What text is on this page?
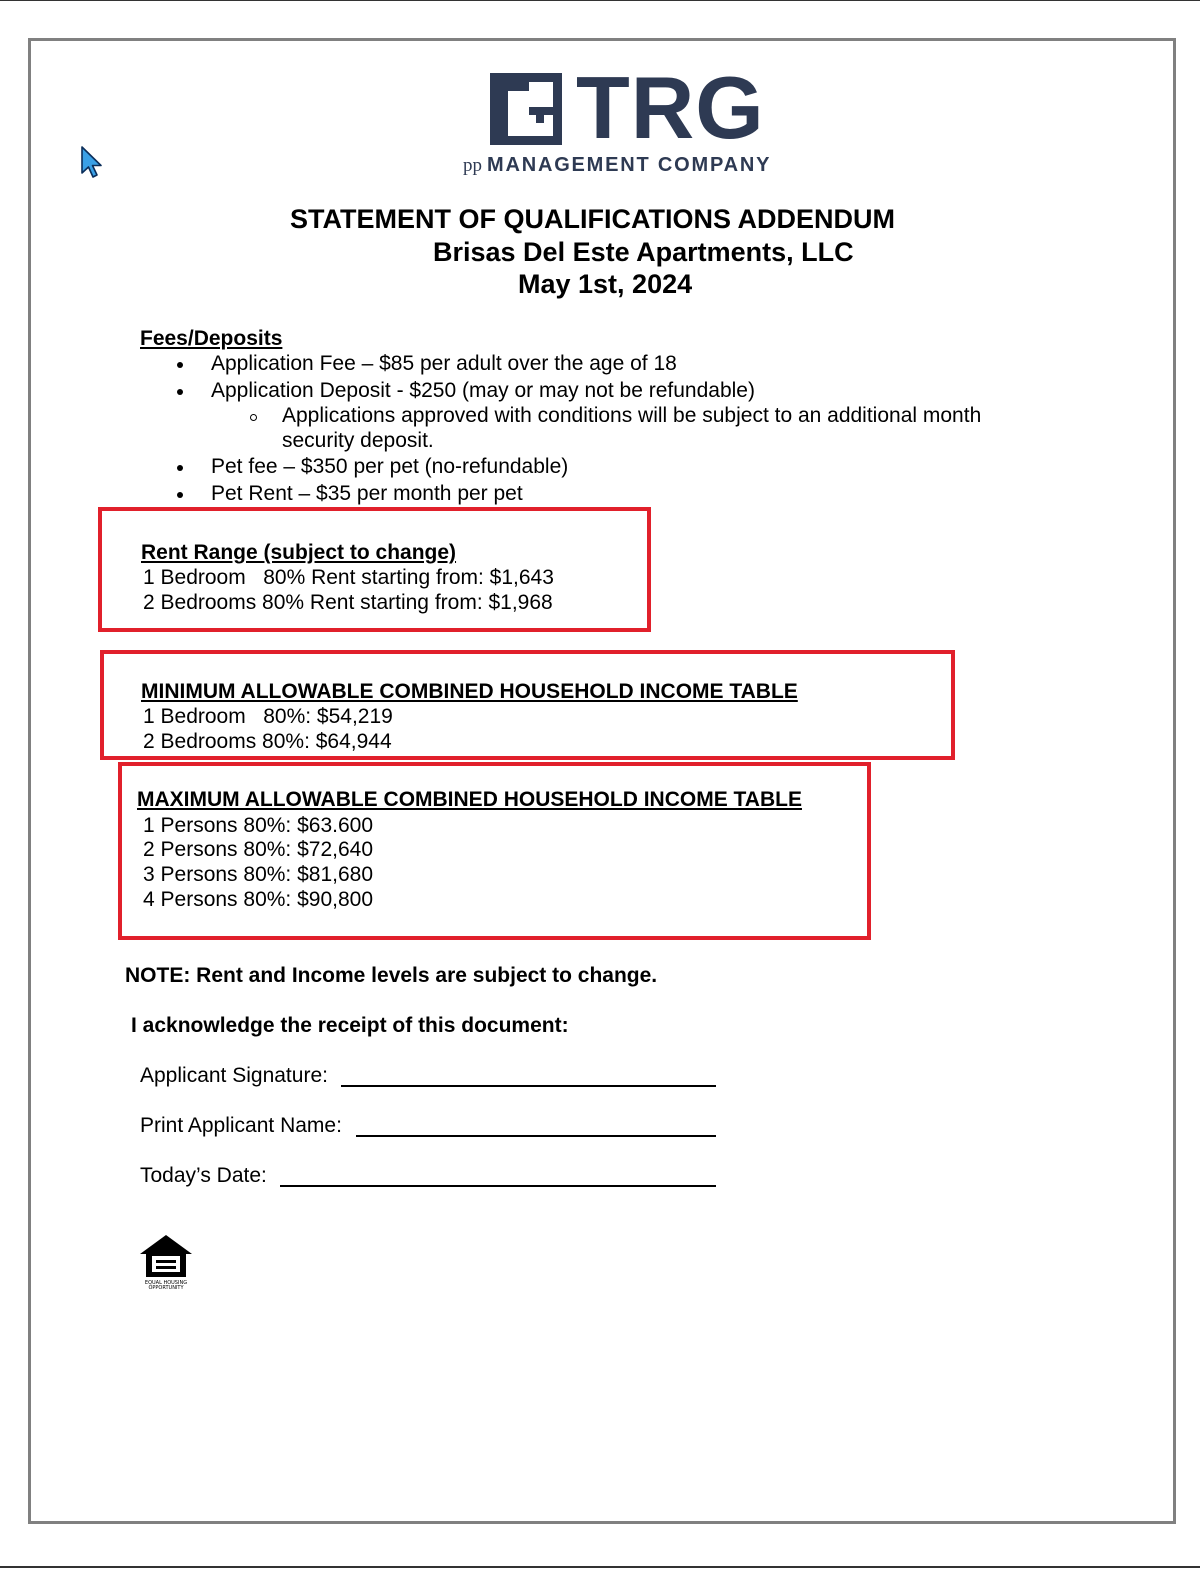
TRG
pp MANAGEMENT COMPANY
STATEMENT OF QUALIFICATIONS ADDENDUM
Brisas Del Este Apartments, LLC
May 1st, 2024
Fees/Deposits
Application Fee – $85 per adult over the age of 18
Application Deposit - $250 (may or may not be refundable)
Applications approved with conditions will be subject to an additional month
security deposit.
Pet fee – $350 per pet (no-refundable)
Pet Rent – $35 per month per pet
Rent Range (subject to change)
1 Bedroom   80% Rent starting from: $1,643
2 Bedrooms 80% Rent starting from: $1,968
MINIMUM ALLOWABLE COMBINED HOUSEHOLD INCOME TABLE
1 Bedroom   80%: $54,219
2 Bedrooms 80%: $64,944
MAXIMUM ALLOWABLE COMBINED HOUSEHOLD INCOME TABLE
1 Persons 80%: $63.600
2 Persons 80%: $72,640
3 Persons 80%: $81,680
4 Persons 80%: $90,800
NOTE: Rent and Income levels are subject to change.
I acknowledge the receipt of this document:
Applicant Signature:
Print Applicant Name:
Today’s Date:
EQUAL HOUSING
OPPORTUNITY
